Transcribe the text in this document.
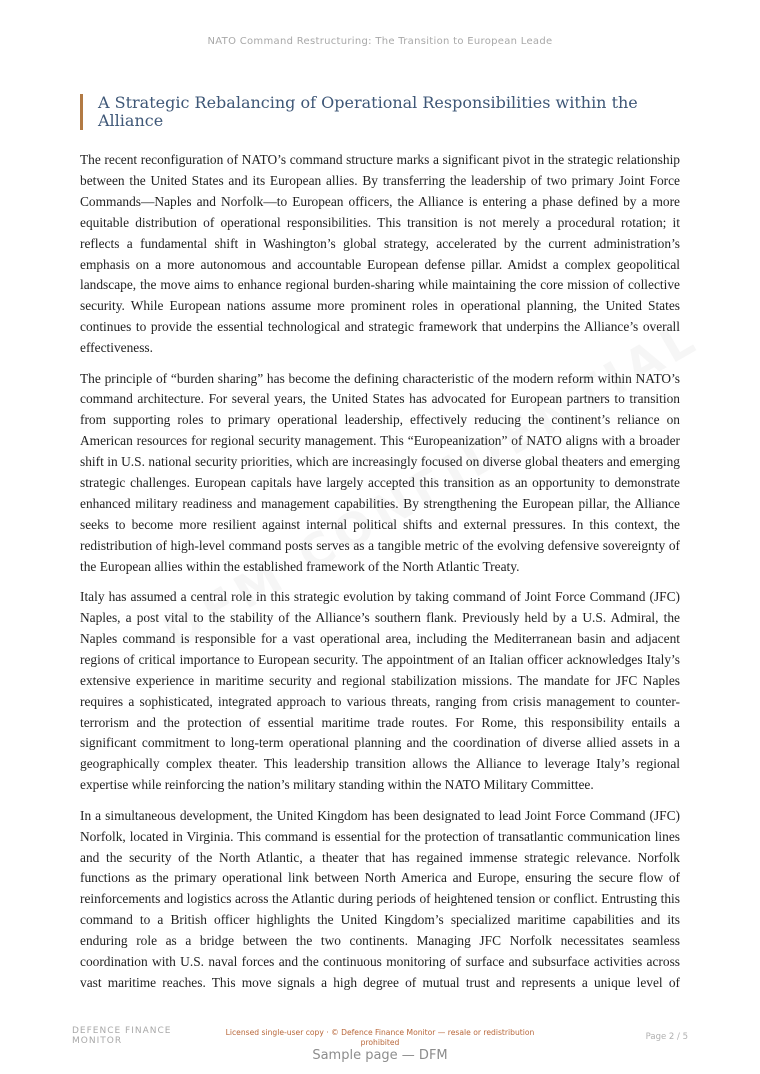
NATO Command Restructuring: The Transition to European Leade
A Strategic Rebalancing of Operational Responsibilities within the Alliance

The recent reconfiguration of NATO’s command structure marks a significant pivot in the strategic relationship between the United States and its European allies. By transferring the leadership of two primary Joint Force Commands—Naples and Norfolk—to European officers, the Alliance is entering a phase defined by a more equitable distribution of operational responsibilities. This transition is not merely a procedural rotation; it reflects a fundamental shift in Washington’s global strategy, accelerated by the current administration’s emphasis on a more autonomous and accountable European defense pillar. Amidst a complex geopolitical landscape, the move aims to enhance regional burden-sharing while maintaining the core mission of collective security. While European nations assume more prominent roles in operational planning, the United States continues to provide the essential technological and strategic framework that underpins the Alliance’s overall effectiveness.

The principle of “burden sharing” has become the defining characteristic of the modern reform within NATO’s command architecture. For several years, the United States has advocated for European partners to transition from supporting roles to primary operational leadership, effectively reducing the continent’s reliance on American resources for regional security management. This “Europeanization” of NATO aligns with a broader shift in U.S. national security priorities, which are increasingly focused on diverse global theaters and emerging strategic challenges. European capitals have largely accepted this transition as an opportunity to demonstrate enhanced military readiness and management capabilities. By strengthening the European pillar, the Alliance seeks to become more resilient against internal political shifts and external pressures. In this context, the redistribution of high-level command posts serves as a tangible metric of the evolving defensive sovereignty of the European allies within the established framework of the North Atlantic Treaty.

Italy has assumed a central role in this strategic evolution by taking command of Joint Force Command (JFC) Naples, a post vital to the stability of the Alliance’s southern flank. Previously held by a U.S. Admiral, the Naples command is responsible for a vast operational area, including the Mediterranean basin and adjacent regions of critical importance to European security. The appointment of an Italian officer acknowledges Italy’s extensive experience in maritime security and regional stabilization missions. The mandate for JFC Naples requires a sophisticated, integrated approach to various threats, ranging from crisis management to counter-terrorism and the protection of essential maritime trade routes. For Rome, this responsibility entails a significant commitment to long-term operational planning and the coordination of diverse allied assets in a geographically complex theater. This leadership transition allows the Alliance to leverage Italy’s regional expertise while reinforcing the nation’s military standing within the NATO Military Committee.

In a simultaneous development, the United Kingdom has been designated to lead Joint Force Command (JFC) Norfolk, located in Virginia. This command is essential for the protection of transatlantic communication lines and the security of the North Atlantic, a theater that has regained immense strategic relevance. Norfolk functions as the primary operational link between North America and Europe, ensuring the secure flow of reinforcements and logistics across the Atlantic during periods of heightened tension or conflict. Entrusting this command to a British officer highlights the United Kingdom’s specialized maritime capabilities and its enduring role as a bridge between the two continents. Managing JFC Norfolk necessitates seamless coordination with U.S. naval forces and the continuous monitoring of surface and subsurface activities across vast maritime reaches. This move signals a high degree of mutual trust and represents a unique level of

DEFENCE FINANCE MONITOR
Licensed single-user copy · © Defence Finance Monitor — resale or redistribution prohibited
Page 2 / 5
Sample page — DFM
